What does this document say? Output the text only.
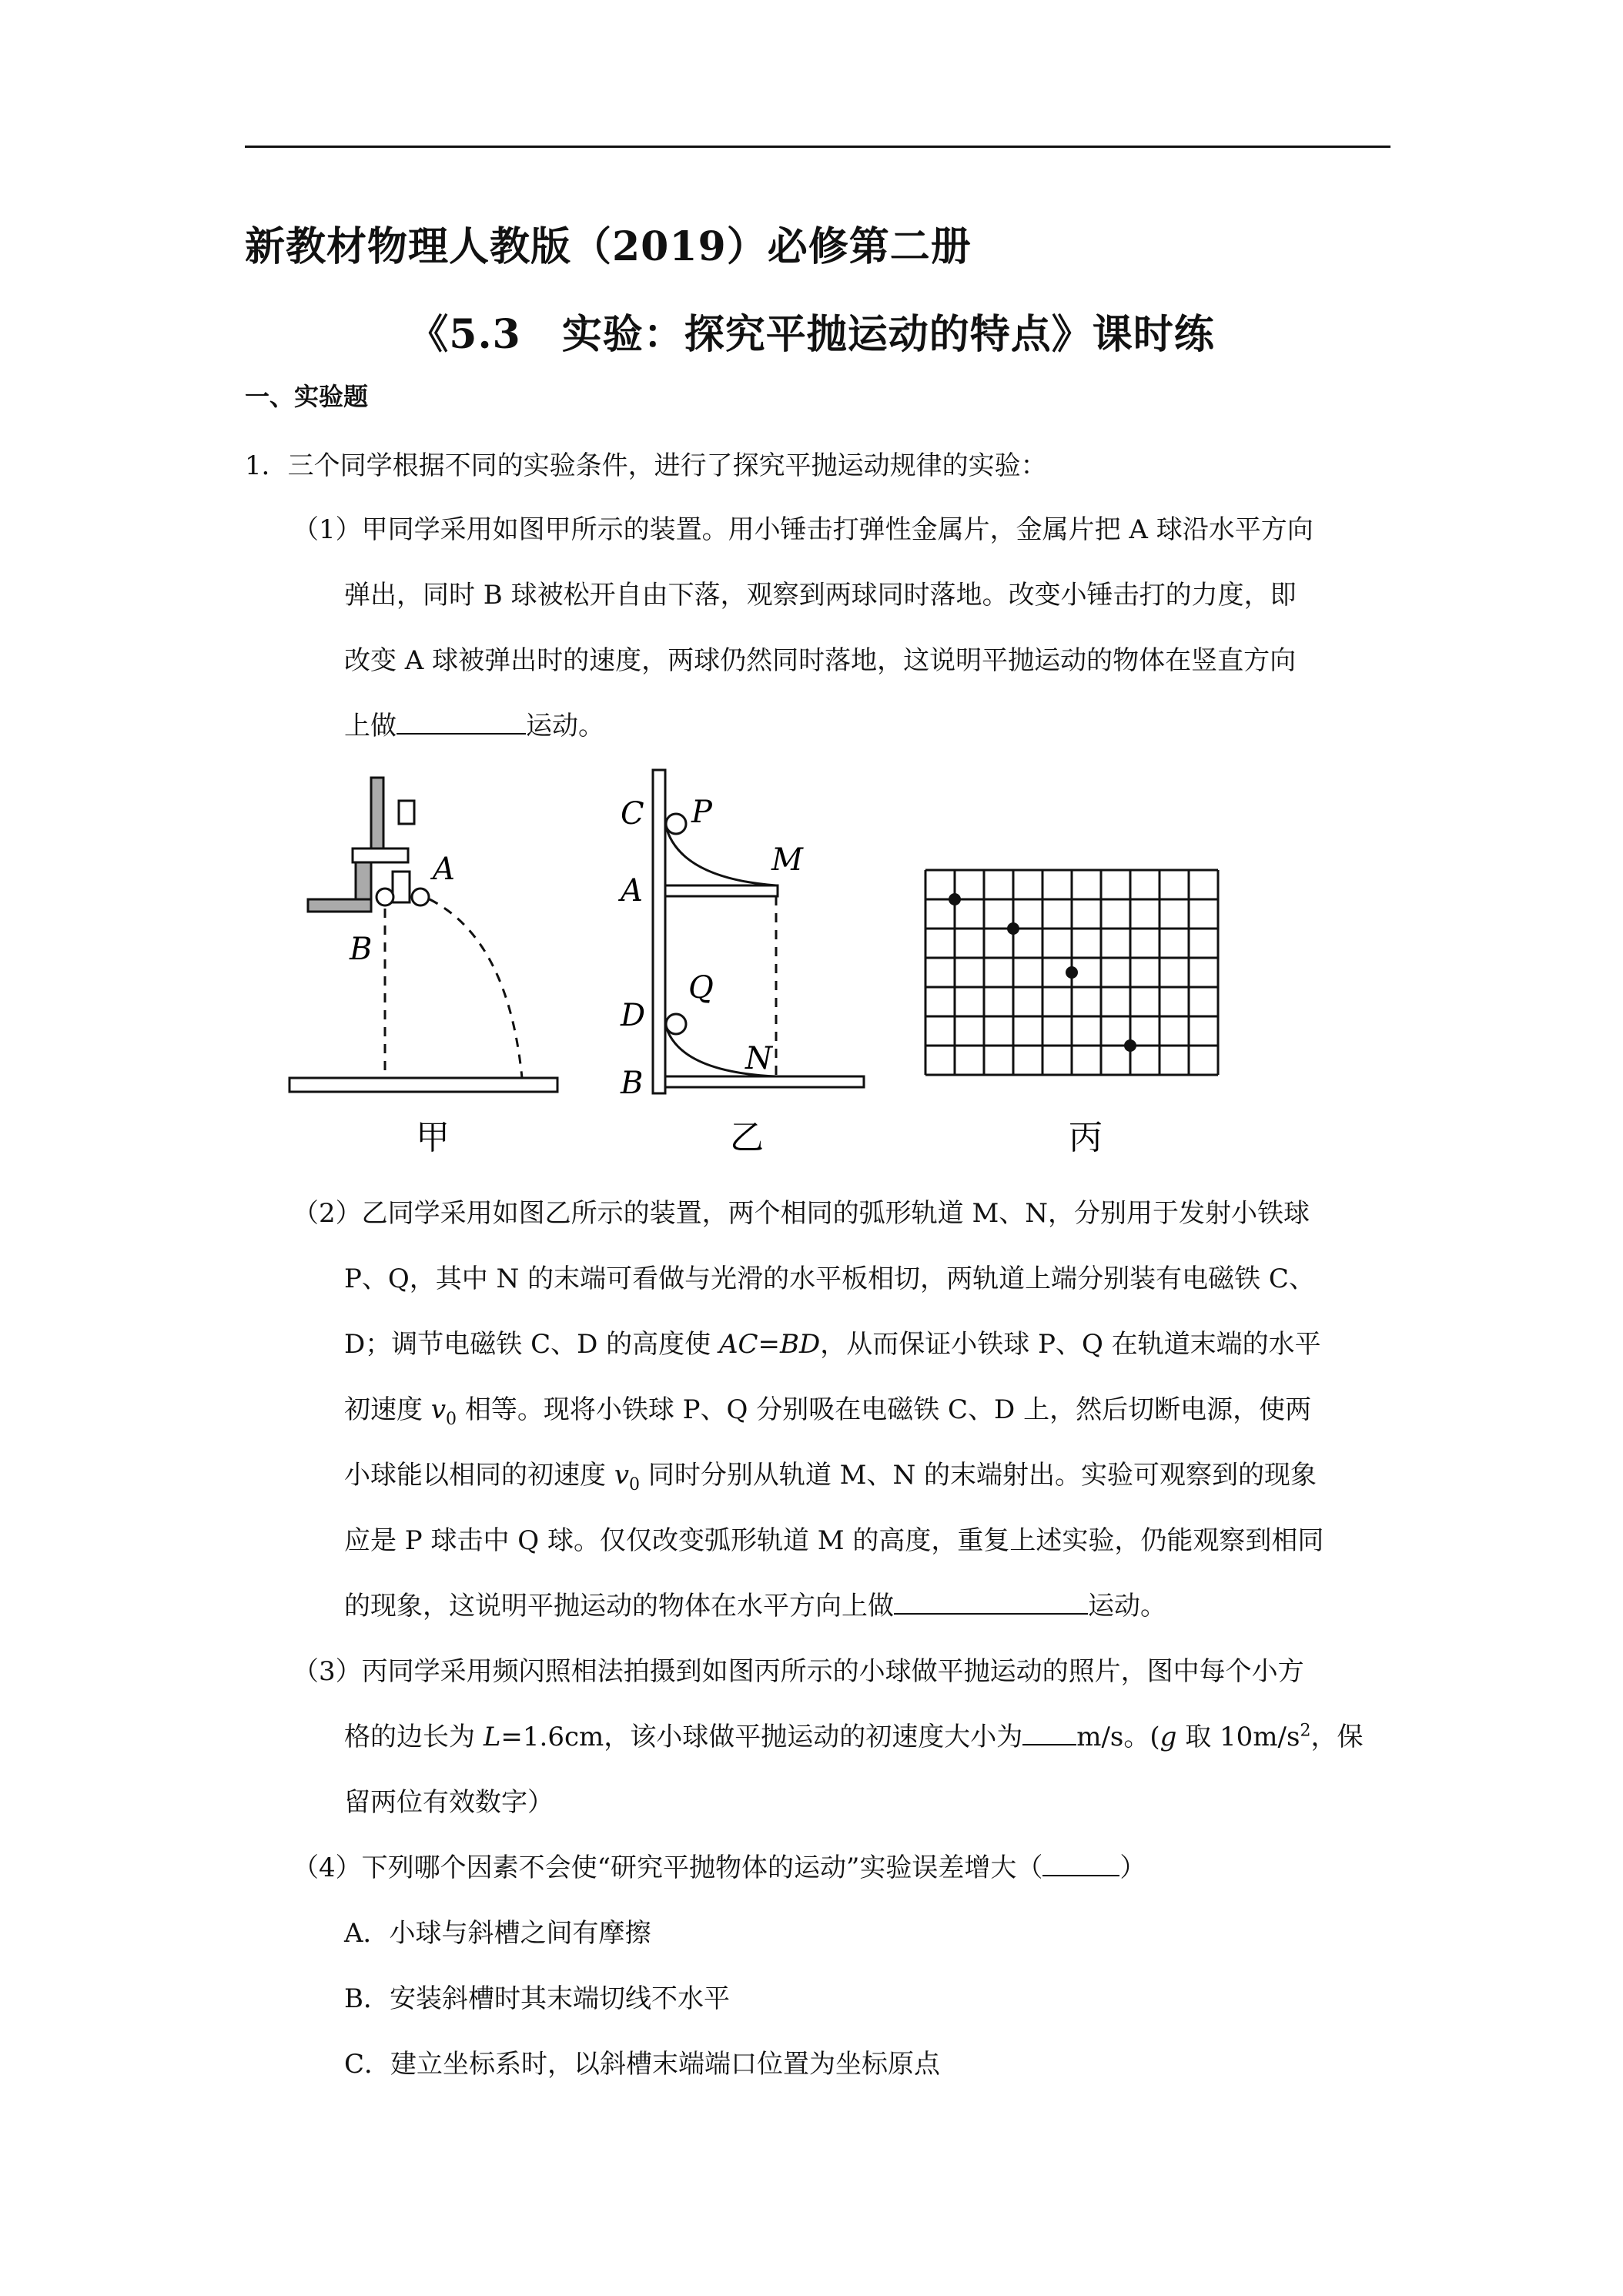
新教材物理人教版（2019）必修第二册
《5.3　实验：探究平抛运动的特点》课时练
一、实验题
1．三个同学根据不同的实验条件，进行了探究平抛运动规律的实验：
（1）甲同学采用如图甲所示的装置。用小锤击打弹性金属片，金属片把 A 球沿水平方向
弹出，同时 B 球被松开自由下落，观察到两球同时落地。改变小锤击打的力度，即
改变 A 球被弹出时的速度，两球仍然同时落地，这说明平抛运动的物体在竖直方向
上做	运动。
A
B
甲
C P
M
A
D
Q
N
B
乙	丙
（2）乙同学采用如图乙所示的装置，两个相同的弧形轨道 M、N，分别用于发射小铁球
P、Q，其中 N 的末端可看做与光滑的水平板相切，两轨道上端分别装有电磁铁 C、
D；调节电磁铁 C、D 的高度使 AC=BD，从而保证小铁球 P、Q 在轨道末端的水平
初速度 $v_0$ 相等。现将小铁球 P、Q 分别吸在电磁铁 C、D 上，然后切断电源，使两
小球能以相同的初速度 $v_0$ 同时分别从轨道 M、N 的末端射出。实验可观察到的现象
应是 P 球击中 Q 球。仅仅改变弧形轨道 M 的高度，重复上述实验，仍能观察到相同
的现象，这说明平抛运动的物体在水平方向上做	运动。
（3）丙同学采用频闪照相法拍摄到如图丙所示的小球做平抛运动的照片，图中每个小方
格的边长为 L=1.6cm，该小球做平抛运动的初速度大小为 m/s。(g 取 $10m/s^2$，保
留两位有效数字）
（4）下列哪个因素不会使“研究平抛物体的运动”实验误差增大（	）
A．小球与斜槽之间有摩擦
B．安装斜槽时其末端切线不水平
C．建立坐标系时，以斜槽末端端口位置为坐标原点
